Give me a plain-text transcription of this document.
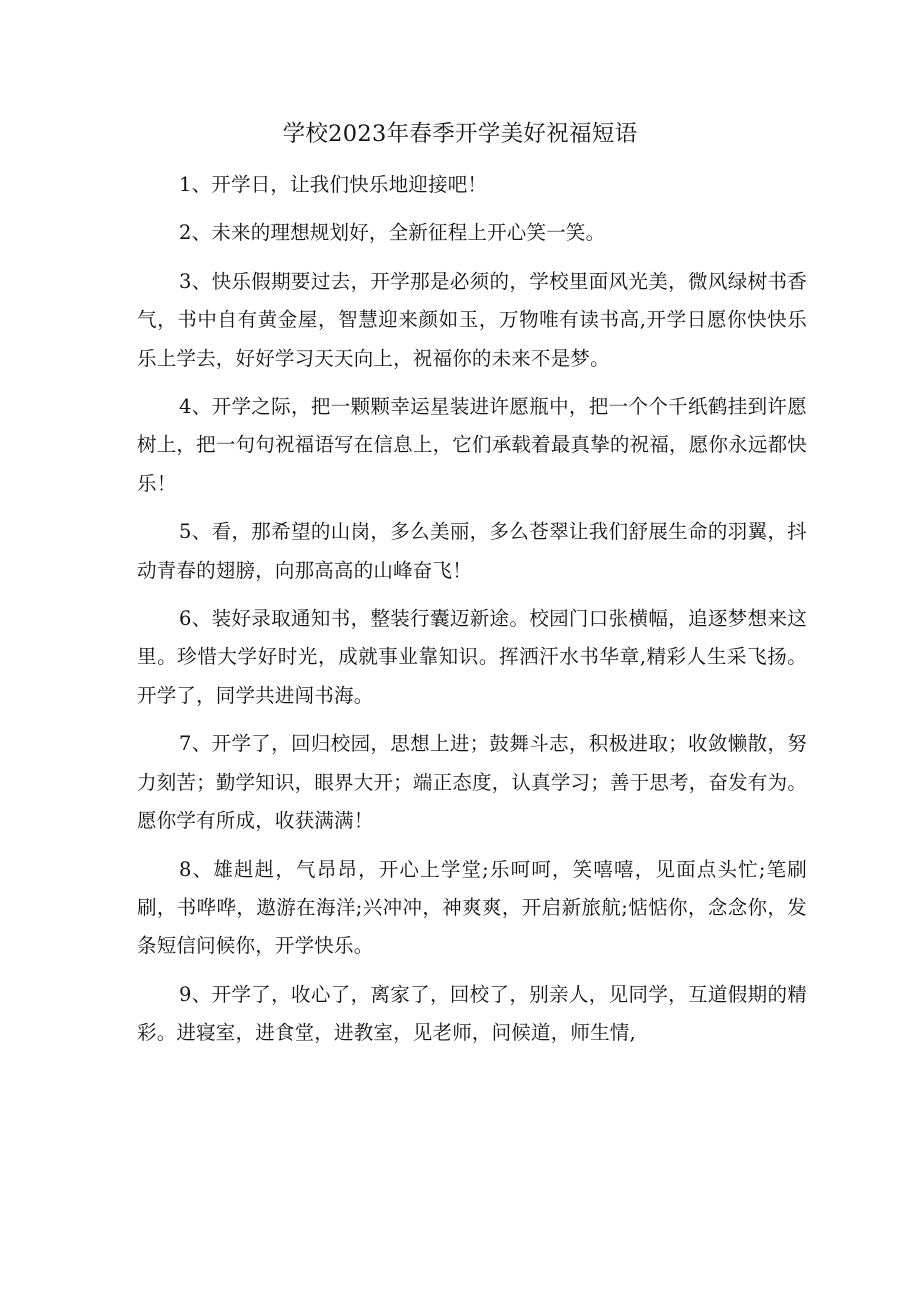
学校2023年春季开学美好祝福短语

1、开学日，让我们快乐地迎接吧！

2、未来的理想规划好，全新征程上开心笑一笑。

3、快乐假期要过去，开学那是必须的，学校里面风光美，微风绿树书香气，书中自有黄金屋，智慧迎来颜如玉，万物唯有读书高,开学日愿你快快乐乐上学去，好好学习天天向上，祝福你的未来不是梦。

4、开学之际，把一颗颗幸运星装进许愿瓶中，把一个个千纸鹤挂到许愿树上，把一句句祝福语写在信息上，它们承载着最真挚的祝福，愿你永远都快乐！

5、看，那希望的山岗，多么美丽，多么苍翠让我们舒展生命的羽翼，抖动青春的翅膀，向那高高的山峰奋飞！

6、装好录取通知书，整装行囊迈新途。校园门口张横幅，追逐梦想来这里。珍惜大学好时光，成就事业靠知识。挥洒汗水书华章,精彩人生采飞扬。开学了，同学共进闯书海。

7、开学了，回归校园，思想上进；鼓舞斗志，积极进取；收敛懒散，努力刻苦；勤学知识，眼界大开；端正态度，认真学习；善于思考，奋发有为。愿你学有所成，收获满满！

8、雄赳赳，气昂昂，开心上学堂;乐呵呵，笑嘻嘻，见面点头忙;笔刷刷，书哗哗，遨游在海洋;兴冲冲，神爽爽，开启新旅航;惦惦你，念念你，发条短信问候你，开学快乐。

9、开学了，收心了，离家了，回校了，别亲人，见同学，互道假期的精彩。进寝室，进食堂，进教室，见老师，问候道，师生情,
